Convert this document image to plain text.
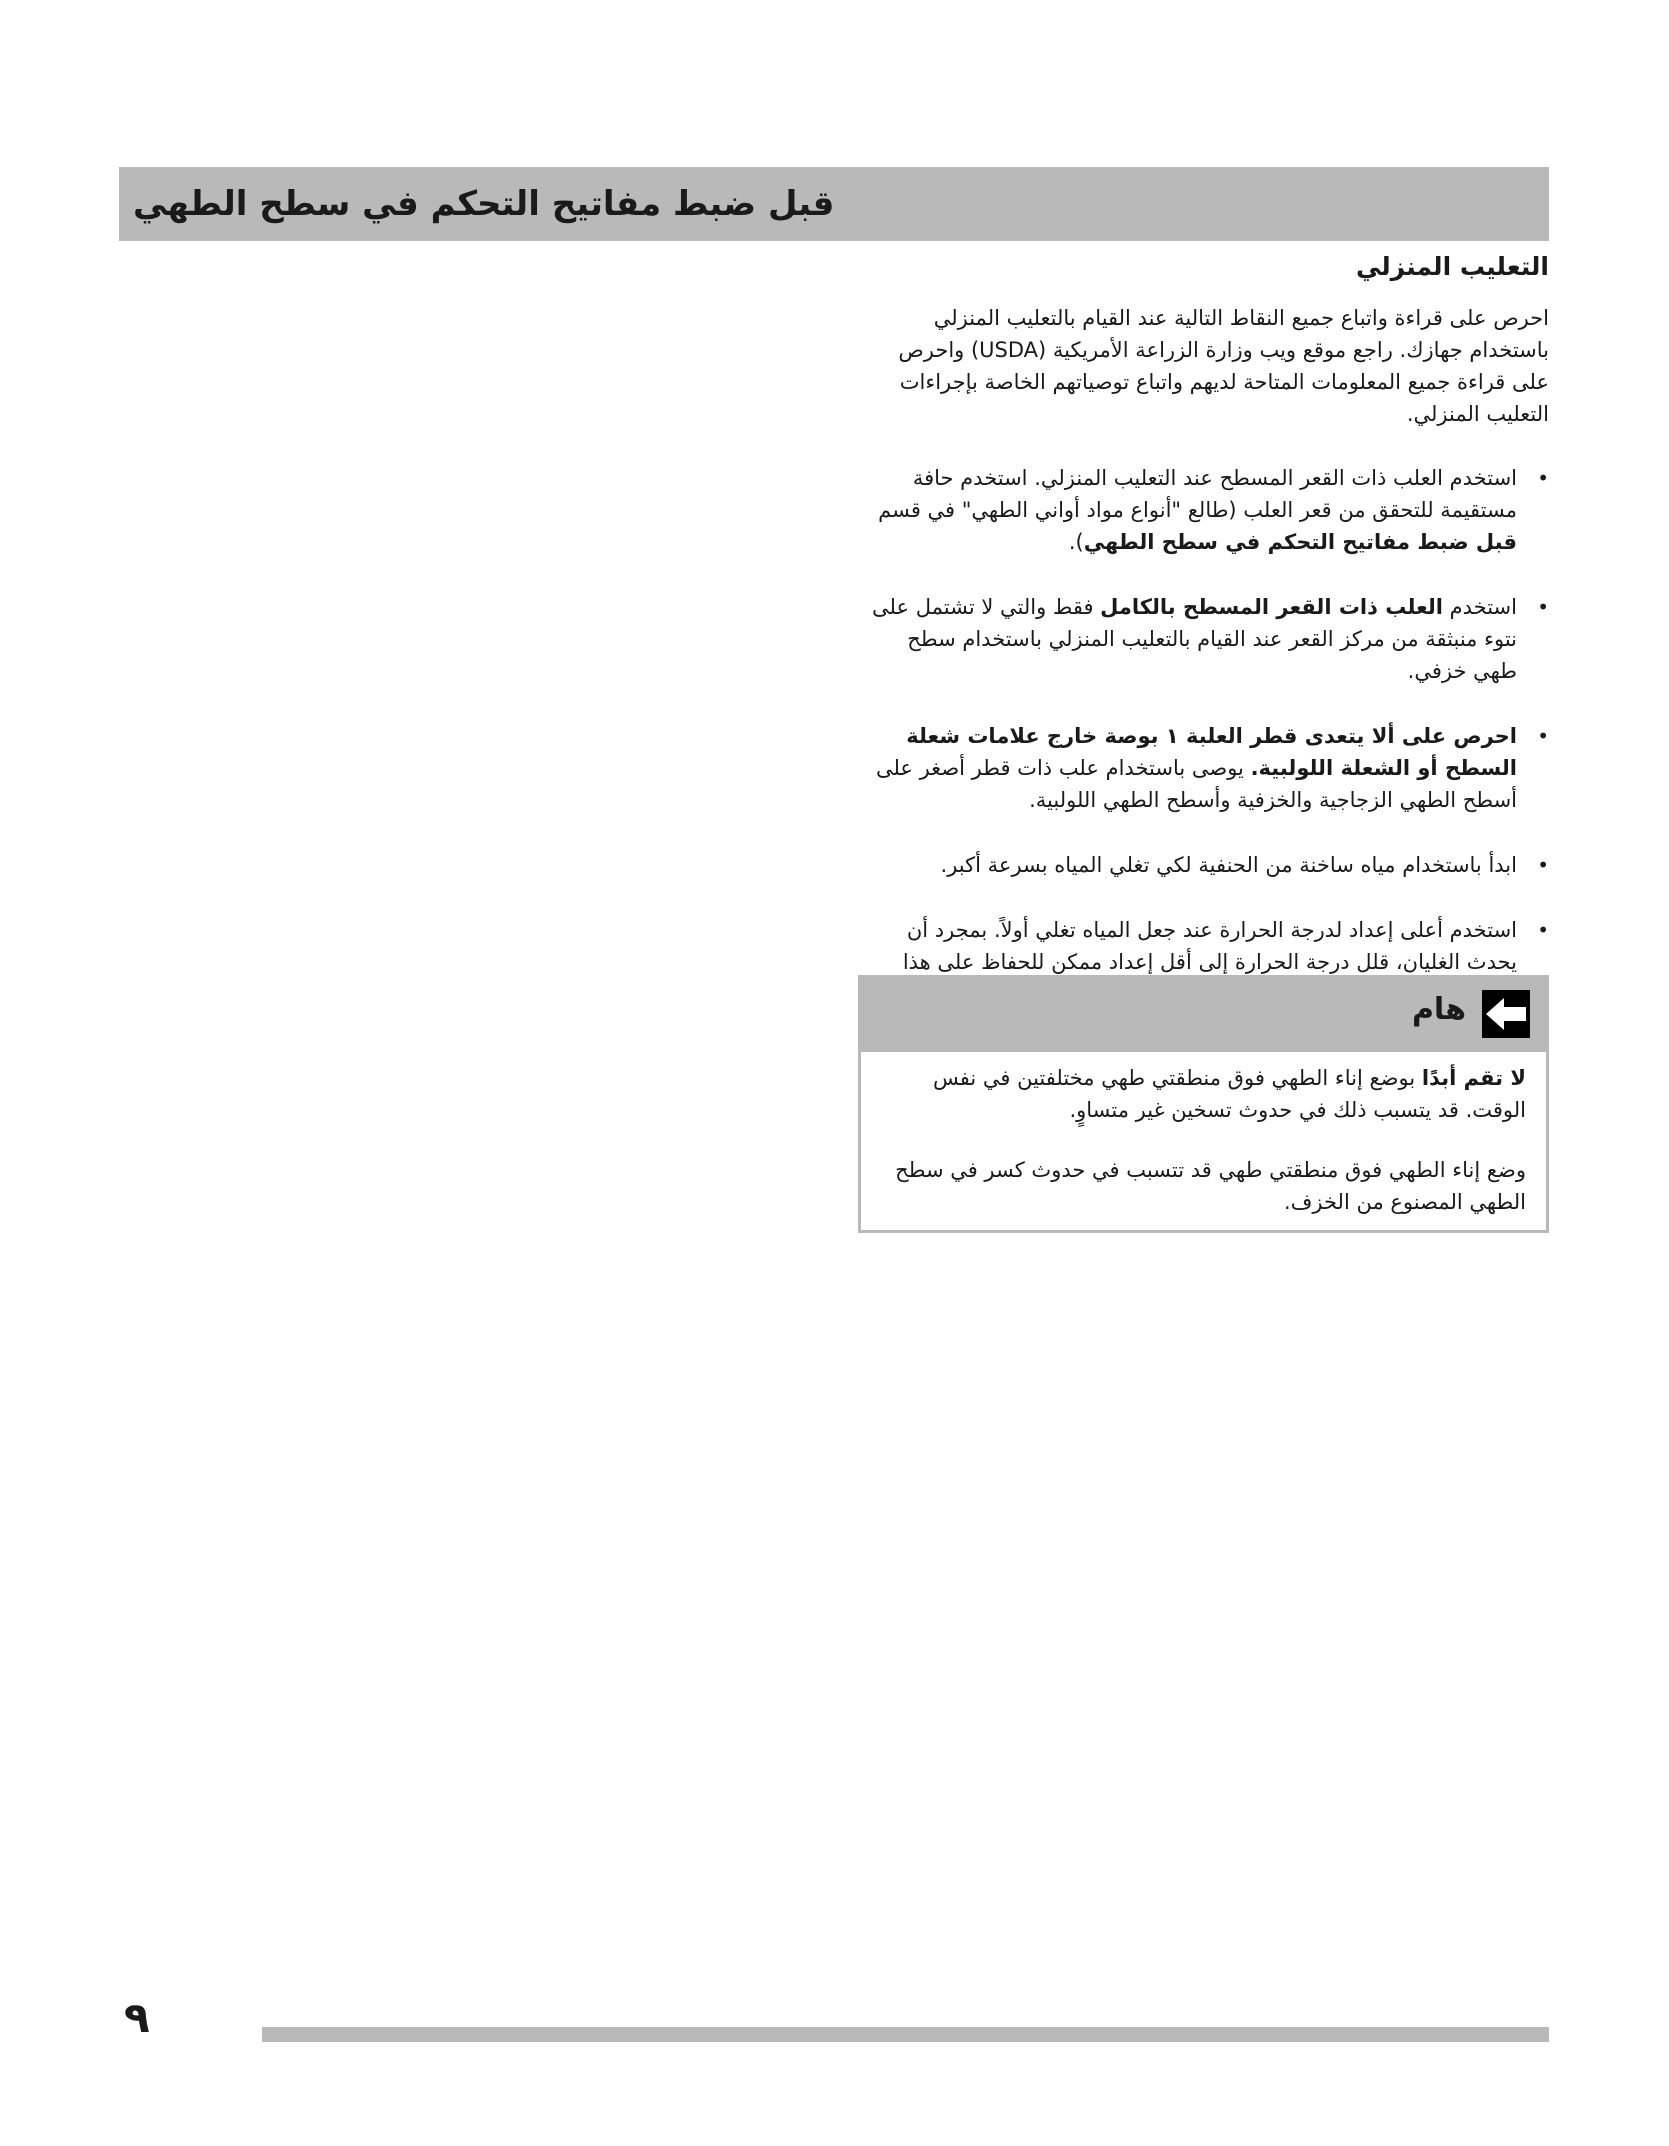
قبل ضبط مفاتيح التحكم في سطح الطهي
التعليب المنزلي

احرص على قراءة واتباع جميع النقاط التالية عند القيام بالتعليب المنزلي باستخدام جهازك. راجع موقع ويب وزارة الزراعة الأمريكية (USDA) واحرص على قراءة جميع المعلومات المتاحة لديهم واتباع توصياتهم الخاصة بإجراءات التعليب المنزلي.

• استخدم العلب ذات القعر المسطح عند التعليب المنزلي. استخدم حافة مستقيمة للتحقق من قعر العلب (طالع "أنواع مواد أواني الطهي" في قسم قبل ضبط مفاتيح التحكم في سطح الطهي).
• استخدم العلب ذات القعر المسطح بالكامل فقط والتي لا تشتمل على نتوء منبثقة من مركز القعر عند القيام بالتعليب المنزلي باستخدام سطح طهي خزفي.
• احرص على ألا يتعدى قطر العلبة ١ بوصة خارج علامات شعلة السطح أو الشعلة اللولبية. يوصى باستخدام علب ذات قطر أصغر على أسطح الطهي الزجاجية والخزفية وأسطح الطهي اللولبية.
• ابدأ باستخدام مياه ساخنة من الحنفية لكي تغلي المياه بسرعة أكبر.
• استخدم أعلى إعداد لدرجة الحرارة عند جعل المياه تغلي أولاً. بمجرد أن يحدث الغليان، قلل درجة الحرارة إلى أقل إعداد ممكن للحفاظ على هذا
هام

لا تقم أبدًا بوضع إناء الطهي فوق منطقتي طهي مختلفتين في نفس الوقت. قد يتسبب ذلك في حدوث تسخين غير متساوٍ.

وضع إناء الطهي فوق منطقتي طهي قد تتسبب في حدوث كسر في سطح الطهي المصنوع من الخزف.

٩
